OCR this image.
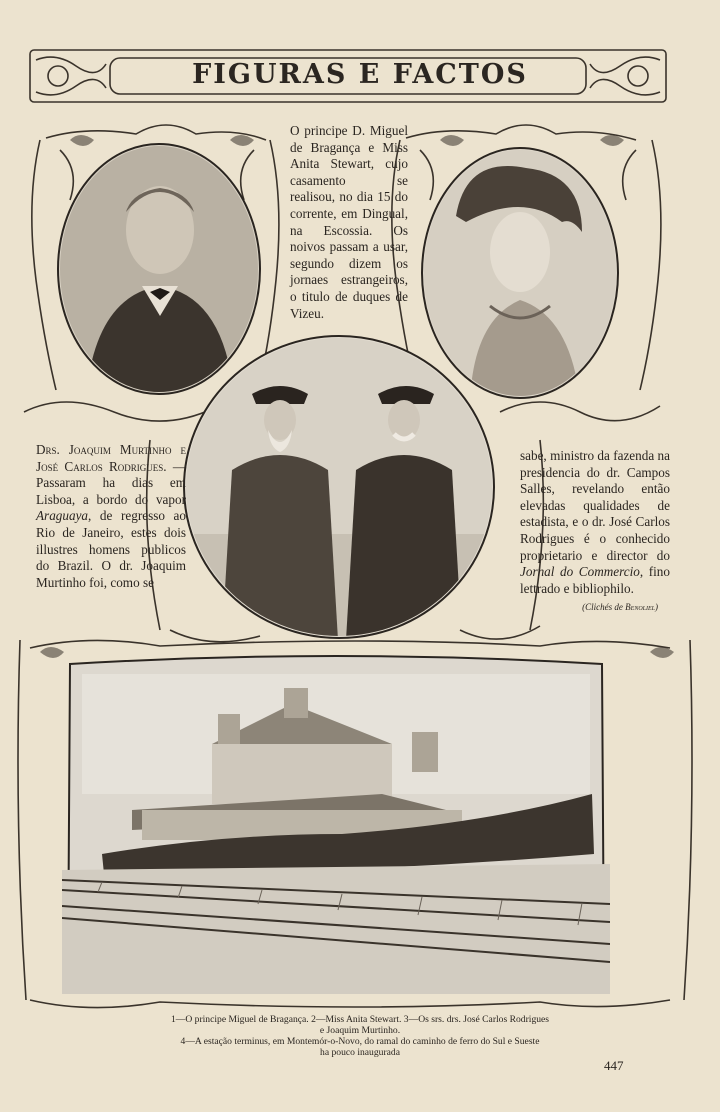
FIGURAS E FACTOS
O principe D. Miguel de Bragança e Miss Anita Stewart, cujo casamento se realisou, no dia 15 do corrente, em Dingual, na Escossia. Os noivos passam a usar, segundo dizem os jornaes estrangeiros, o titulo de duques de Vizeu.
Drs. Joaquim Murtinho e José Carlos Rodrigues. — Passaram ha dias em Lisboa, a bordo do vapor Araguaya, de regresso ao Rio de Janeiro, estes dois illustres homens publicos do Brazil. O dr. Joaquim Murtinho foi, como se
sabe, ministro da fazenda na presidencia do dr. Campos Salles, revelando então elevadas qualidades de estadista, e o dr. José Carlos Rodrigues é o conhecido proprietario e director do Jornal do Commercio, fino lettrado e bibliophilo.
(Clichés de Benoliel)
1—O principe Miguel de Bragança. 2—Miss Anita Stewart. 3—Os srs. drs. José Carlos Rodrigues
e Joaquim Murtinho.
4—A estação terminus, em Montemór-o-Novo, do ramal do caminho de ferro do Sul e Sueste
ha pouco inaugurada
447
